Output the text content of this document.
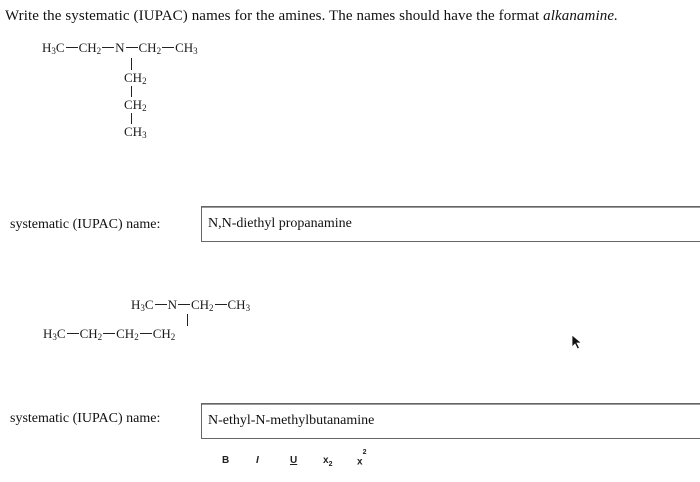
Write the systematic (IUPAC) names for the amines. The names should have the format alkanamine.
$H_3C$ $CH_2$ N $CH_2$ $CH_3$
$CH_2$
$CH_2$
$CH_3$
systematic (IUPAC) name:	N,N-diethyl propanamine
$H_3C$ N $CH_2$ $CH_3$
$H_3C$ $CH_2$ $CH_2$ $CH_2$
systematic (IUPAC) name:	N-ethyl-N-methylbutanamine
B	I	U	$x_2$ $x^2$
